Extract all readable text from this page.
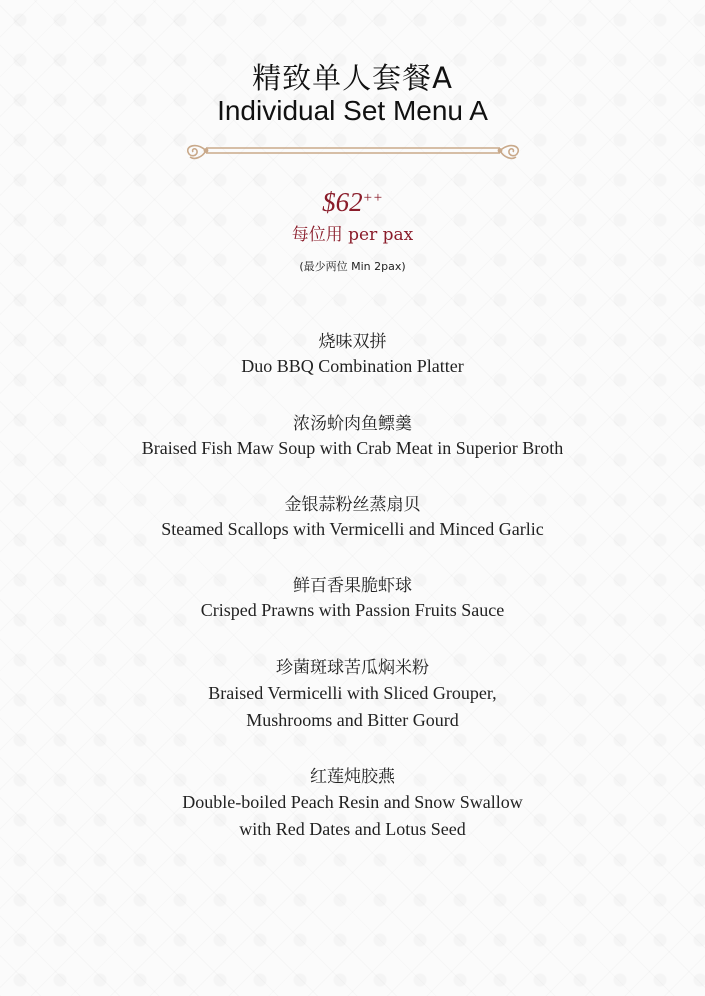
精致单人套餐A
Individual Set Menu A
$62++
每位用 per pax
(最少两位 Min 2pax)
烧味双拼
Duo BBQ Combination Platter
浓汤蚧肉鱼鳔羹
Braised Fish Maw Soup with Crab Meat in Superior Broth
金银蒜粉丝蒸扇贝
Steamed Scallops with Vermicelli and Minced Garlic
鲜百香果脆虾球
Crisped Prawns with Passion Fruits Sauce
珍菌斑球苦瓜焖米粉
Braised Vermicelli with Sliced Grouper,
Mushrooms and Bitter Gourd
红莲炖胶燕
Double-boiled Peach Resin and Snow Swallow
with Red Dates and Lotus Seed
